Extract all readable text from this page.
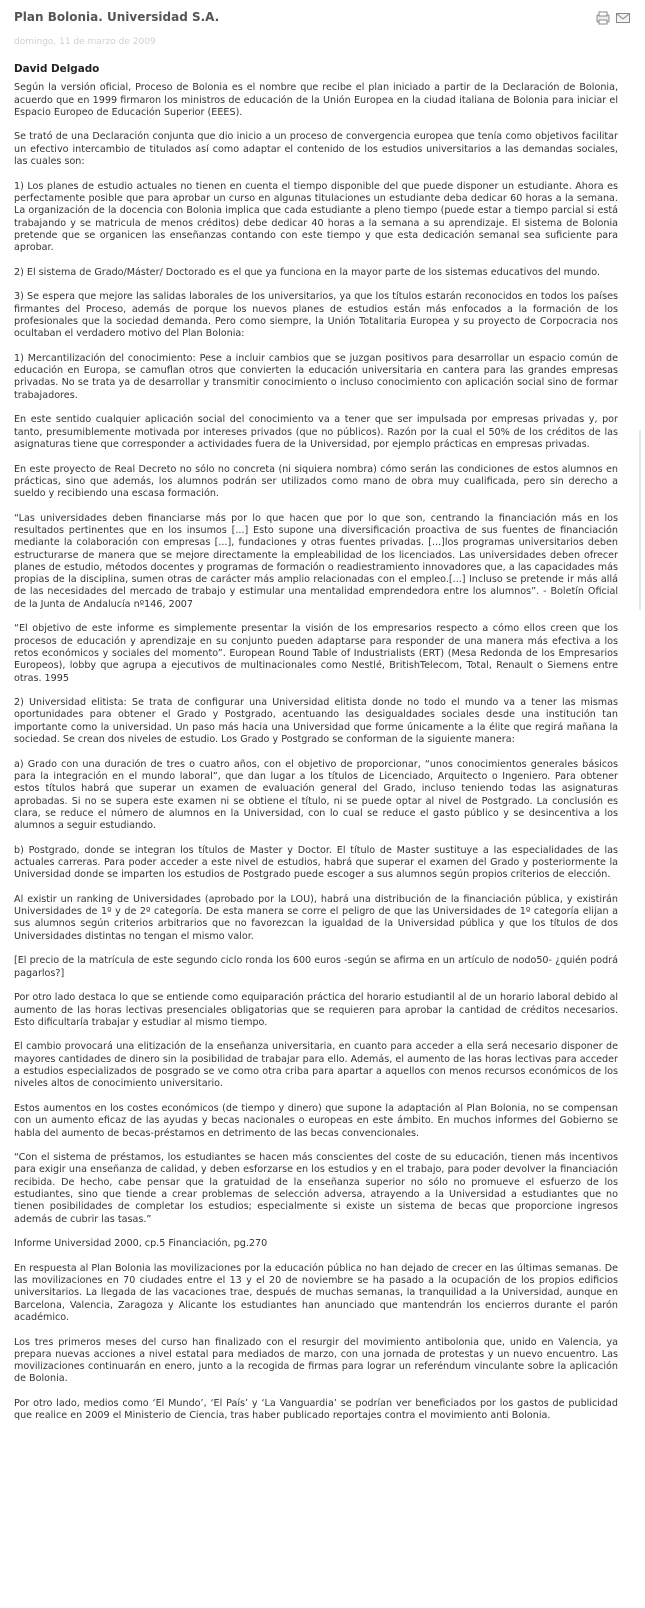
Plan Bolonia. Universidad S.A.
domingo, 11 de marzo de 2009
David Delgado

Según la versión oficial, Proceso de Bolonia es el nombre que recibe el plan iniciado a partir de la Declaración de Bolonia, acuerdo que en 1999 firmaron los ministros de educación de la Unión Europea en la ciudad italiana de Bolonia para iniciar el Espacio Europeo de Educación Superior (EEES).

Se trató de una Declaración conjunta que dio inicio a un proceso de convergencia europea que tenía como objetivos facilitar un efectivo intercambio de titulados así como adaptar el contenido de los estudios universitarios a las demandas sociales, las cuales son:

1) Los planes de estudio actuales no tienen en cuenta el tiempo disponible del que puede disponer un estudiante. Ahora es perfectamente posible que para aprobar un curso en algunas titulaciones un estudiante deba dedicar 60 horas a la semana. La organización de la docencia con Bolonia implica que cada estudiante a pleno tiempo (puede estar a tiempo parcial si está trabajando y se matricula de menos créditos) debe dedicar 40 horas a la semana a su aprendizaje. El sistema de Bolonia pretende que se organicen las enseñanzas contando con este tiempo y que esta dedicación semanal sea suficiente para aprobar.

2) El sistema de Grado/Máster/ Doctorado es el que ya funciona en la mayor parte de los sistemas educativos del mundo.

3) Se espera que mejore las salidas laborales de los universitarios, ya que los títulos estarán reconocidos en todos los países firmantes del Proceso, además de porque los nuevos planes de estudios están más enfocados a la formación de los profesionales que la sociedad demanda. Pero como siempre, la Unión Totalitaria Europea y su proyecto de Corpocracia nos ocultaban el verdadero motivo del Plan Bolonia:

1) Mercantilización del conocimiento: Pese a incluir cambios que se juzgan positivos para desarrollar un espacio común de educación en Europa, se camuflan otros que convierten la educación universitaria en cantera para las grandes empresas privadas. No se trata ya de desarrollar y transmitir conocimiento o incluso conocimiento con aplicación social sino de formar trabajadores.

En este sentido cualquier aplicación social del conocimiento va a tener que ser impulsada por empresas privadas y, por tanto, presumiblemente motivada por intereses privados (que no públicos). Razón por la cual el 50% de los créditos de las asignaturas tiene que corresponder a actividades fuera de la Universidad, por ejemplo prácticas en empresas privadas.

En este proyecto de Real Decreto no sólo no concreta (ni siquiera nombra) cómo serán las condiciones de estos alumnos en prácticas, sino que además, los alumnos podrán ser utilizados como mano de obra muy cualificada, pero sin derecho a sueldo y recibiendo una escasa formación.

“Las universidades deben financiarse más por lo que hacen que por lo que son, centrando la financiación más en los resultados pertinentes que en los insumos [...] Esto supone una diversificación proactiva de sus fuentes de financiación mediante la colaboración con empresas [...], fundaciones y otras fuentes privadas. [...]los programas universitarios deben estructurarse de manera que se mejore directamente la empleabilidad de los licenciados. Las universidades deben ofrecer planes de estudio, métodos docentes y programas de formación o readiestramiento innovadores que, a las capacidades más propias de la disciplina, sumen otras de carácter más amplio relacionadas con el empleo.[...] Incluso se pretende ir más allá de las necesidades del mercado de trabajo y estimular una mentalidad emprendedora entre los alumnos”. - Boletín Oficial de la Junta de Andalucía nº146, 2007

“El objetivo de este informe es simplemente presentar la visión de los empresarios respecto a cómo ellos creen que los procesos de educación y aprendizaje en su conjunto pueden adaptarse para responder de una manera más efectiva a los retos económicos y sociales del momento”. European Round Table of Industrialists (ERT) (Mesa Redonda de los Empresarios Europeos), lobby que agrupa a ejecutivos de multinacionales como Nestlé, BritishTelecom, Total, Renault o Siemens entre otras. 1995

2) Universidad elitista: Se trata de configurar una Universidad elitista donde no todo el mundo va a tener las mismas oportunidades para obtener el Grado y Postgrado, acentuando las desigualdades sociales desde una institución tan importante como la universidad. Un paso más hacia una Universidad que forme únicamente a la élite que regirá mañana la sociedad. Se crean dos niveles de estudio. Los Grado y Postgrado se conforman de la siguiente manera:

a) Grado con una duración de tres o cuatro años, con el objetivo de proporcionar, “unos conocimientos generales básicos para la integración en el mundo laboral”, que dan lugar a los títulos de Licenciado, Arquitecto o Ingeniero. Para obtener estos títulos habrá que superar un examen de evaluación general del Grado, incluso teniendo todas las asignaturas aprobadas. Si no se supera este examen ni se obtiene el título, ni se puede optar al nivel de Postgrado. La conclusión es clara, se reduce el número de alumnos en la Universidad, con lo cual se reduce el gasto público y se desincentiva a los alumnos a seguir estudiando.

b) Postgrado, donde se integran los títulos de Master y Doctor. El título de Master sustituye a las especialidades de las actuales carreras. Para poder acceder a este nivel de estudios, habrá que superar el examen del Grado y posteriormente la Universidad donde se imparten los estudios de Postgrado puede escoger a sus alumnos según propios criterios de elección.

Al existir un ranking de Universidades (aprobado por la LOU), habrá una distribución de la financiación pública, y existirán Universidades de 1º y de 2º categoría. De esta manera se corre el peligro de que las Universidades de 1º categoría elijan a sus alumnos según criterios arbitrarios que no favorezcan la igualdad de la Universidad pública y que los títulos de dos Universidades distintas no tengan el mismo valor.

[El precio de la matrícula de este segundo ciclo ronda los 600 euros -según se afirma en un artículo de nodo50- ¿quién podrá pagarlos?]

Por otro lado destaca lo que se entiende como equiparación práctica del horario estudiantil al de un horario laboral debido al aumento de las horas lectivas presenciales obligatorias que se requieren para aprobar la cantidad de créditos necesarios. Esto dificultaría trabajar y estudiar al mismo tiempo.

El cambio provocará una elitización de la enseñanza universitaria, en cuanto para acceder a ella será necesario disponer de mayores cantidades de dinero sin la posibilidad de trabajar para ello. Además, el aumento de las horas lectivas para acceder a estudios especializados de posgrado se ve como otra criba para apartar a aquellos con menos recursos económicos de los niveles altos de conocimiento universitario.

Estos aumentos en los costes económicos (de tiempo y dinero) que supone la adaptación al Plan Bolonia, no se compensan con un aumento eficaz de las ayudas y becas nacionales o europeas en este ámbito. En muchos informes del Gobierno se habla del aumento de becas-préstamos en detrimento de las becas convencionales.

“Con el sistema de préstamos, los estudiantes se hacen más conscientes del coste de su educación, tienen más incentivos para exigir una enseñanza de calidad, y deben esforzarse en los estudios y en el trabajo, para poder devolver la financiación recibida. De hecho, cabe pensar que la gratuidad de la enseñanza superior no sólo no promueve el esfuerzo de los estudiantes, sino que tiende a crear problemas de selección adversa, atrayendo a la Universidad a estudiantes que no tienen posibilidades de completar los estudios; especialmente si existe un sistema de becas que proporcione ingresos además de cubrir las tasas.”

Informe Universidad 2000, cp.5 Financiación, pg.270

En respuesta al Plan Bolonia las movilizaciones por la educación pública no han dejado de crecer en las últimas semanas. De las movilizaciones en 70 ciudades entre el 13 y el 20 de noviembre se ha pasado a la ocupación de los propios edificios universitarios. La llegada de las vacaciones trae, después de muchas semanas, la tranquilidad a la Universidad, aunque en Barcelona, Valencia, Zaragoza y Alicante los estudiantes han anunciado que mantendrán los encierros durante el parón académico.

Los tres primeros meses del curso han finalizado con el resurgir del movimiento antibolonia que, unido en Valencia, ya prepara nuevas acciones a nivel estatal para mediados de marzo, con una jornada de protestas y un nuevo encuentro. Las movilizaciones continuarán en enero, junto a la recogida de firmas para lograr un referéndum vinculante sobre la aplicación de Bolonia.

Por otro lado, medios como ‘El Mundo’, ‘El País’ y ‘La Vanguardia’ se podrían ver beneficiados por los gastos de publicidad que realice en 2009 el Ministerio de Ciencia, tras haber publicado reportajes contra el movimiento anti Bolonia.
